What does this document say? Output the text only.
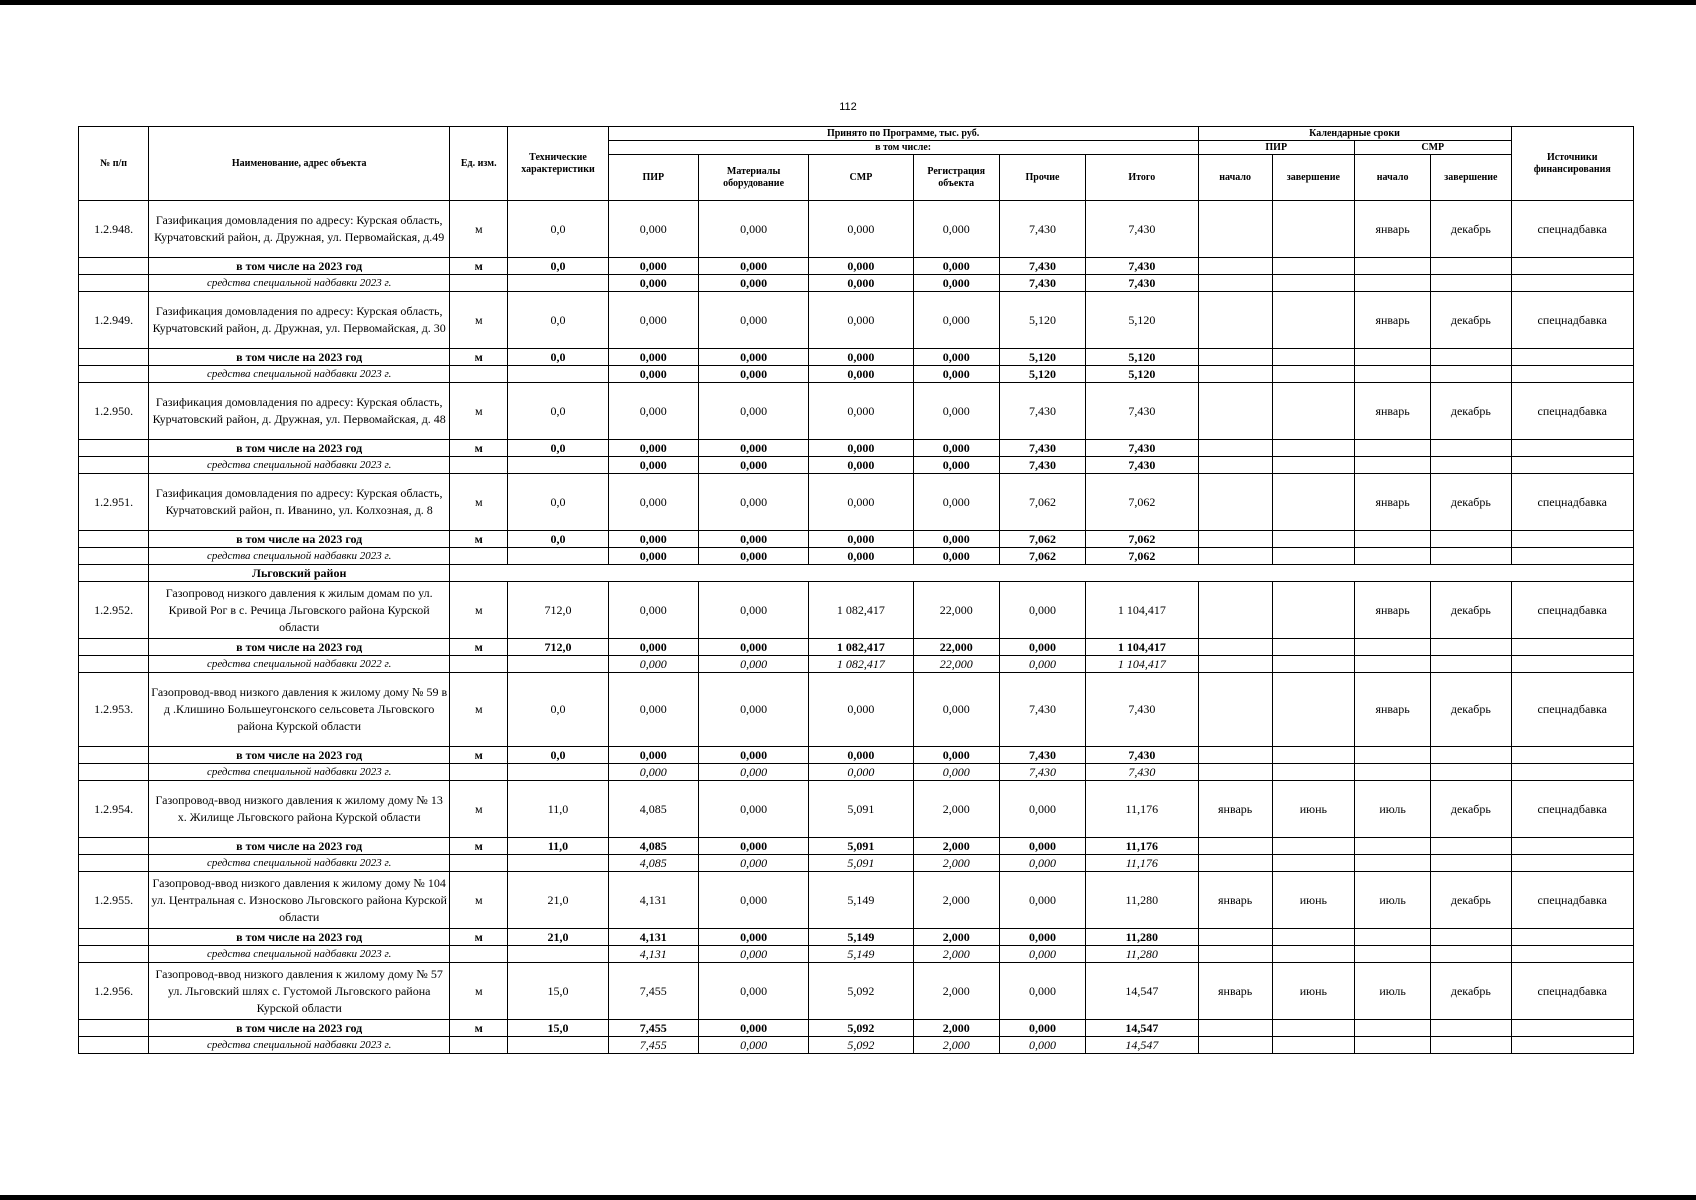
112
№ п/п	Наименование, адрес объекта	Ед. изм.	Технические характеристики	Принято по Программе, тыс. руб.						Календарные сроки				Источники финансирования
				в том числе:						ПИР		СМР		
				ПИР	Материалы оборудование	СМР	Регистрация объекта	Прочие	Итого	начало	завершение	начало	завершение	

1.2.948.	Газификация домовладения по адресу: Курская область, Курчатовский район, д. Дружная, ул. Первомайская, д.49	м	0,0	0,000	0,000	0,000	0,000	7,430	7,430			январь	декабрь	спецнадбавка
	в том числе на 2023 год	м	0,0	0,000	0,000	0,000	0,000	7,430	7,430					
	средства специальной надбавки 2023 г.			0,000	0,000	0,000	0,000	7,430	7,430					
1.2.949.	Газификация домовладения по адресу: Курская область, Курчатовский район, д. Дружная, ул. Первомайская, д. 30	м	0,0	0,000	0,000	0,000	0,000	5,120	5,120			январь	декабрь	спецнадбавка
	в том числе на 2023 год	м	0,0	0,000	0,000	0,000	0,000	5,120	5,120					
	средства специальной надбавки 2023 г.			0,000	0,000	0,000	0,000	5,120	5,120					
1.2.950.	Газификация домовладения по адресу: Курская область, Курчатовский район, д. Дружная, ул. Первомайская, д. 48	м	0,0	0,000	0,000	0,000	0,000	7,430	7,430			январь	декабрь	спецнадбавка
	в том числе на 2023 год	м	0,0	0,000	0,000	0,000	0,000	7,430	7,430					
	средства специальной надбавки 2023 г.			0,000	0,000	0,000	0,000	7,430	7,430					
1.2.951.	Газификация домовладения по адресу: Курская область, Курчатовский район, п. Иванино, ул. Колхозная, д. 8	м	0,0	0,000	0,000	0,000	0,000	7,062	7,062			январь	декабрь	спецнадбавка
	в том числе на 2023 год	м	0,0	0,000	0,000	0,000	0,000	7,062	7,062					
	средства специальной надбавки 2023 г.			0,000	0,000	0,000	0,000	7,062	7,062					
	Льговский район													
1.2.952.	Газопровод низкого давления к жилым домам по ул. Кривой Рог в с. Речица Льговского района Курской области	м	712,0	0,000	0,000	1 082,417	22,000	0,000	1 104,417			январь	декабрь	спецнадбавка
	в том числе на 2023 год	м	712,0	0,000	0,000	1 082,417	22,000	0,000	1 104,417					
	средства специальной надбавки 2022 г.			0,000	0,000	1 082,417	22,000	0,000	1 104,417					
1.2.953.	Газопровод-ввод низкого давления к жилому дому № 59 в д .Клишино Большеугонского сельсовета Льговского района Курской области	м	0,0	0,000	0,000	0,000	0,000	7,430	7,430			январь	декабрь	спецнадбавка
	в том числе на 2023 год	м	0,0	0,000	0,000	0,000	0,000	7,430	7,430					
	средства специальной надбавки 2023 г.			0,000	0,000	0,000	0,000	7,430	7,430					
1.2.954.	Газопровод-ввод низкого давления к жилому дому № 13 х. Жилище Льговского района Курской области	м	11,0	4,085	0,000	5,091	2,000	0,000	11,176	январь	июнь	июль	декабрь	спецнадбавка
	в том числе на 2023 год	м	11,0	4,085	0,000	5,091	2,000	0,000	11,176					
	средства специальной надбавки 2023 г.			4,085	0,000	5,091	2,000	0,000	11,176					
1.2.955.	Газопровод-ввод низкого давления к жилому дому № 104 ул. Центральная с. Износково Льговского района Курской области	м	21,0	4,131	0,000	5,149	2,000	0,000	11,280	январь	июнь	июль	декабрь	спецнадбавка
	в том числе на 2023 год	м	21,0	4,131	0,000	5,149	2,000	0,000	11,280					
	средства специальной надбавки 2023 г.			4,131	0,000	5,149	2,000	0,000	11,280					
1.2.956.	Газопровод-ввод низкого давления к жилому дому № 57 ул. Льговский шлях с. Густомой Льговского района Курской области	м	15,0	7,455	0,000	5,092	2,000	0,000	14,547	январь	июнь	июль	декабрь	спецнадбавка
	в том числе на 2023 год	м	15,0	7,455	0,000	5,092	2,000	0,000	14,547					
	средства специальной надбавки 2023 г.			7,455	0,000	5,092	2,000	0,000	14,547					
